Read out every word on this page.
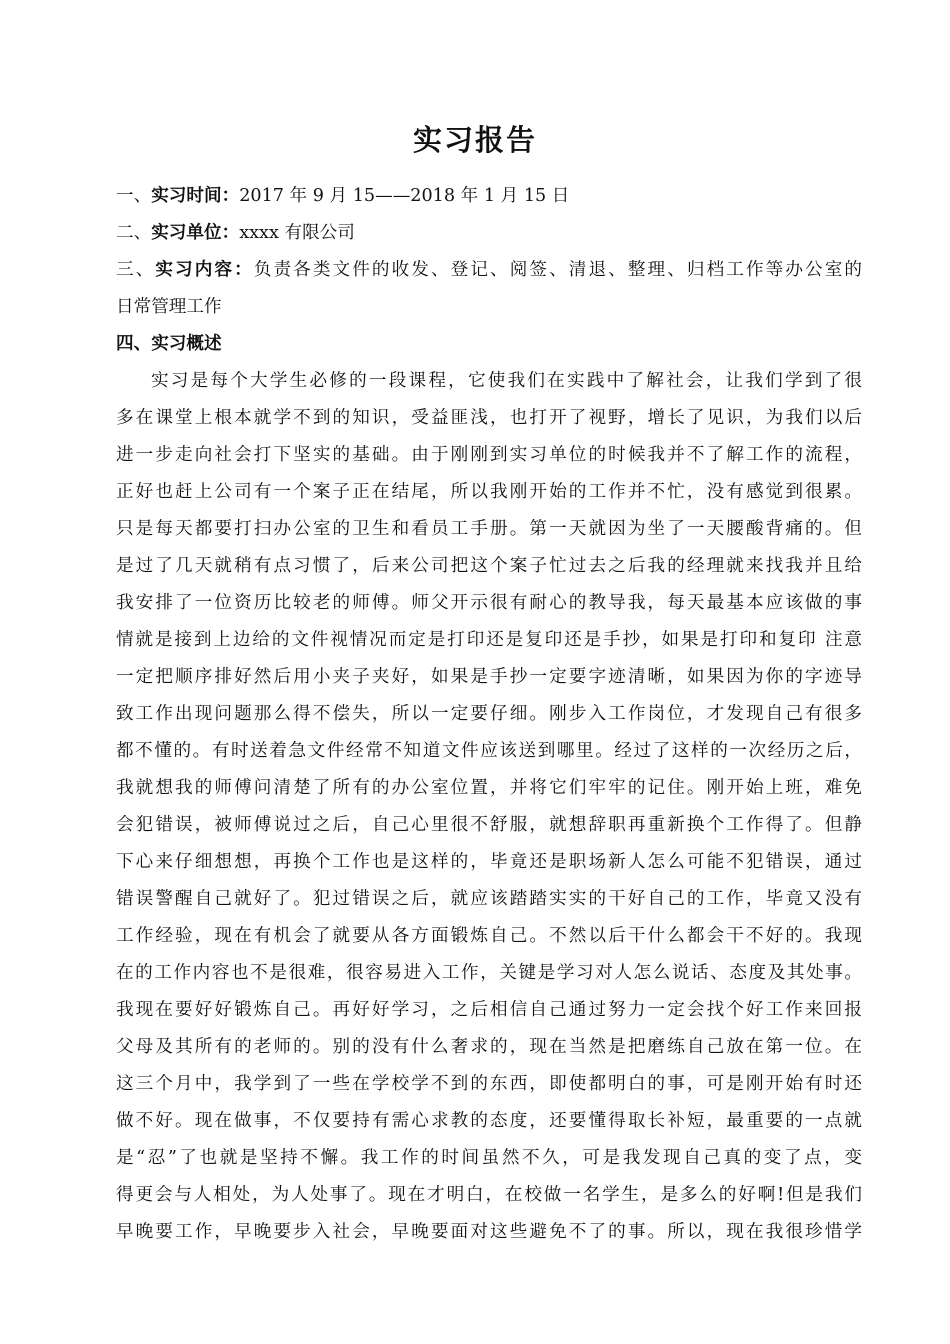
实习报告
一、实习时间：2017 年 9 月 15——2018 年 1 月 15 日
二、实习单位：xxxx 有限公司
三、实习内容：负责各类文件的收发、登记、阅签、清退、整理、归档工作等办公室的
日常管理工作
四、实习概述
实习是每个大学生必修的一段课程，它使我们在实践中了解社会，让我们学到了很
多在课堂上根本就学不到的知识，受益匪浅，也打开了视野，增长了见识，为我们以后
进一步走向社会打下坚实的基础。由于刚刚到实习单位的时候我并不了解工作的流程，
正好也赶上公司有一个案子正在结尾，所以我刚开始的工作并不忙，没有感觉到很累。
只是每天都要打扫办公室的卫生和看员工手册。第一天就因为坐了一天腰酸背痛的。但
是过了几天就稍有点习惯了，后来公司把这个案子忙过去之后我的经理就来找我并且给
我安排了一位资历比较老的师傅。师父开示很有耐心的教导我，每天最基本应该做的事
情就是接到上边给的文件视情况而定是打印还是复印还是手抄，如果是打印和复印 注意
一定把顺序排好然后用小夹子夹好，如果是手抄一定要字迹清晰，如果因为你的字迹导
致工作出现问题那么得不偿失，所以一定要仔细。刚步入工作岗位，才发现自己有很多
都不懂的。有时送着急文件经常不知道文件应该送到哪里。经过了这样的一次经历之后，
我就想我的师傅问清楚了所有的办公室位置，并将它们牢牢的记住。刚开始上班，难免
会犯错误，被师傅说过之后，自己心里很不舒服，就想辞职再重新换个工作得了。但静
下心来仔细想想，再换个工作也是这样的，毕竟还是职场新人怎么可能不犯错误，通过
错误警醒自己就好了。犯过错误之后，就应该踏踏实实的干好自己的工作，毕竟又没有
工作经验，现在有机会了就要从各方面锻炼自己。不然以后干什么都会干不好的。我现
在的工作内容也不是很难，很容易进入工作，关键是学习对人怎么说话、态度及其处事。
我现在要好好锻炼自己。再好好学习，之后相信自己通过努力一定会找个好工作来回报
父母及其所有的老师的。别的没有什么奢求的，现在当然是把磨练自己放在第一位。在
这三个月中，我学到了一些在学校学不到的东西，即使都明白的事，可是刚开始有时还
做不好。现在做事，不仅要持有需心求教的态度，还要懂得取长补短，最重要的一点就
是“忍”了也就是坚持不懈。我工作的时间虽然不久，可是我发现自己真的变了点，变
得更会与人相处，为人处事了。现在才明白，在校做一名学生，是多么的好啊!但是我们
早晚要工作，早晚要步入社会，早晚要面对这些避免不了的事。所以，现在我很珍惜学
